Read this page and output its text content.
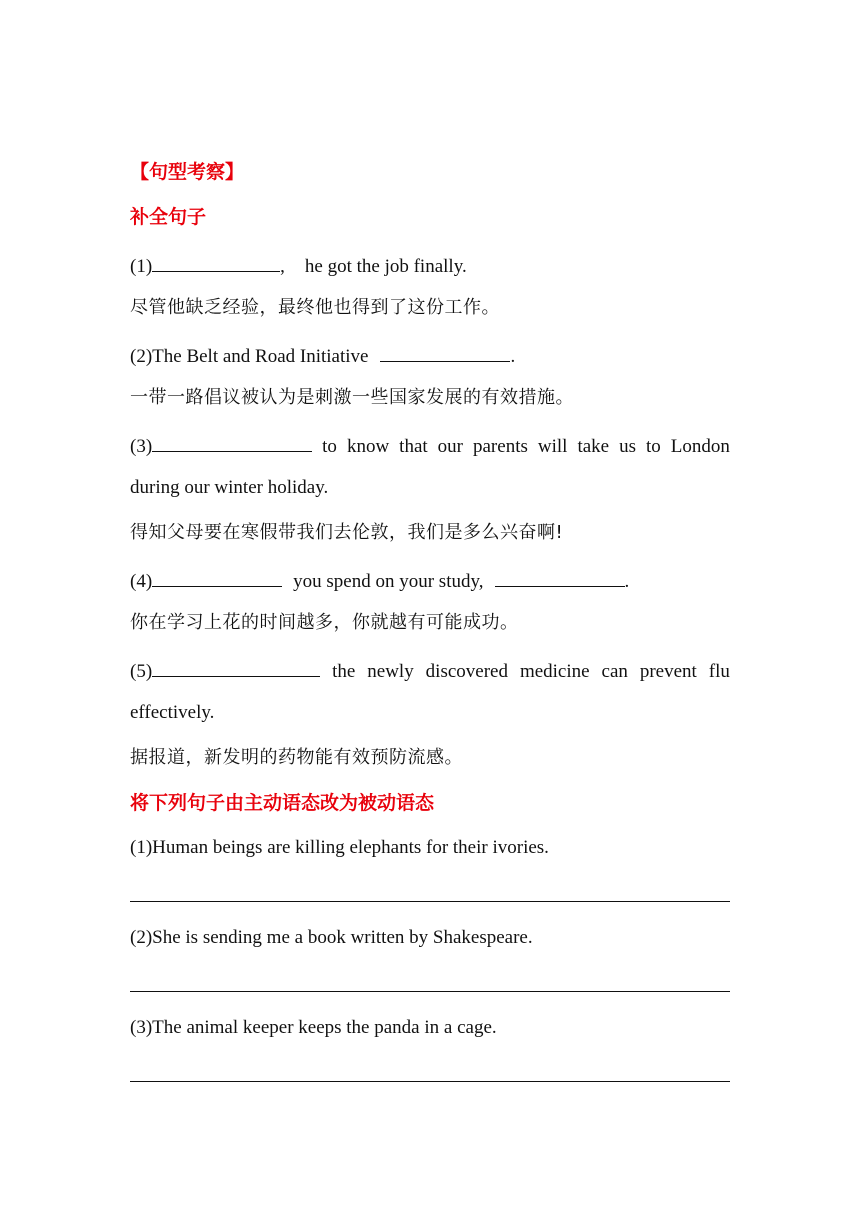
【句型考察】
补全句子
(1)	, he got the job finally.
尽管他缺乏经验，最终他也得到了这份工作。
(2)The Belt and Road Initiative	.
一带一路倡议被认为是刺激一些国家发展的有效措施。
(3)	to know that our parents will take us to London
during our winter holiday.
得知父母要在寒假带我们去伦敦，我们是多么兴奋啊!
(4)	you spend on your study,	.
你在学习上花的时间越多，你就越有可能成功。
(5)	the newly discovered medicine can prevent flu
effectively.
据报道，新发明的药物能有效预防流感。
将下列句子由主动语态改为被动语态
(1)Human beings are killing elephants for their ivories.
(2)She is sending me a book written by Shakespeare.
(3)The animal keeper keeps the panda in a cage.
